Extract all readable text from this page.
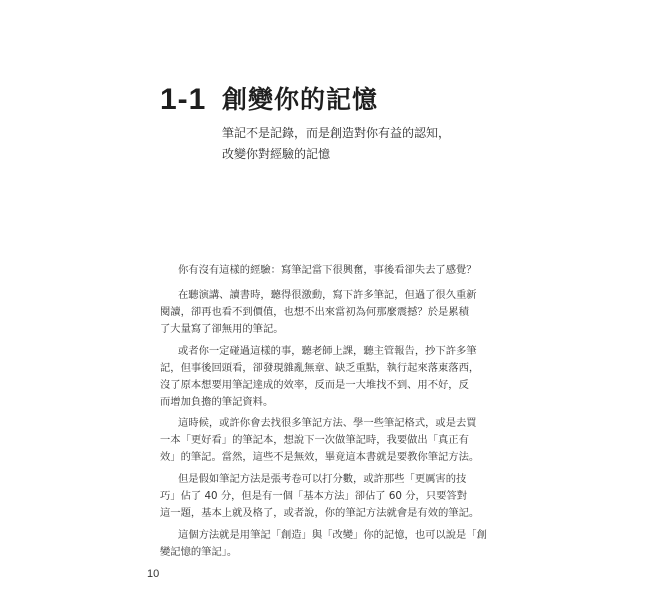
1-1 創變你的記憶
筆記不是記錄，而是創造對你有益的認知，
改變你對經驗的記憶
你有沒有這樣的經驗：寫筆記當下很興奮，事後看卻失去了感覺？
在聽演講、讀書時，聽得很激動，寫下許多筆記，但過了很久重新
閱讀，卻再也看不到價值，也想不出來當初為何那麼震撼？於是累積
了大量寫了卻無用的筆記。
或者你一定碰過這樣的事，聽老師上課，聽主管報告，抄下許多筆
記，但事後回頭看，卻發現雜亂無章、缺乏重點，執行起來落東落西，
沒了原本想要用筆記達成的效率，反而是一大堆找不到、用不好，反
而增加負擔的筆記資料。
這時候，或許你會去找很多筆記方法、學一些筆記格式，或是去買
一本「更好看」的筆記本，想說下一次做筆記時，我要做出「真正有
效」的筆記。當然，這些不是無效，畢竟這本書就是要教你筆記方法。
但是假如筆記方法是張考卷可以打分數，或許那些「更厲害的技
巧」佔了 40 分，但是有一個「基本方法」卻佔了 60 分，只要答對
這一題，基本上就及格了，或者說，你的筆記方法就會是有效的筆記。
這個方法就是用筆記「創造」與「改變」你的記憶，也可以說是「創
變記憶的筆記」。
10
